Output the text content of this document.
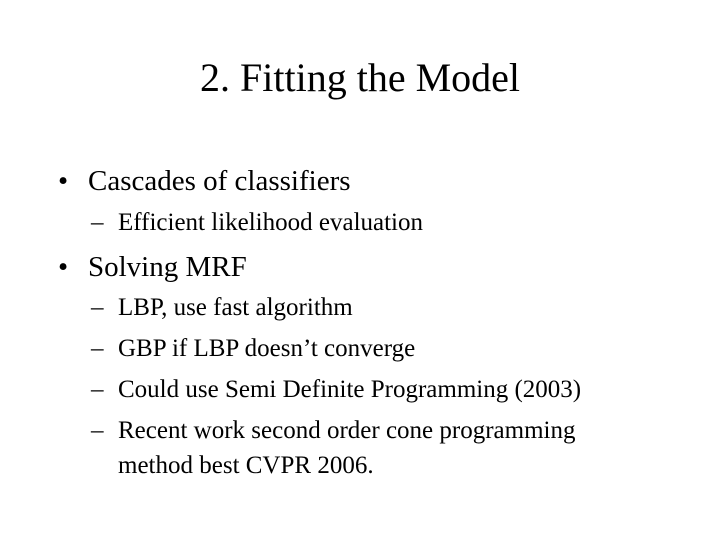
2. Fitting the Model
• Cascades of classifiers
– Efficient likelihood evaluation
• Solving MRF
– LBP, use fast algorithm
– GBP if LBP doesn’t converge
– Could use Semi Definite Programming (2003)
– Recent work second order cone programming
method best CVPR 2006.
